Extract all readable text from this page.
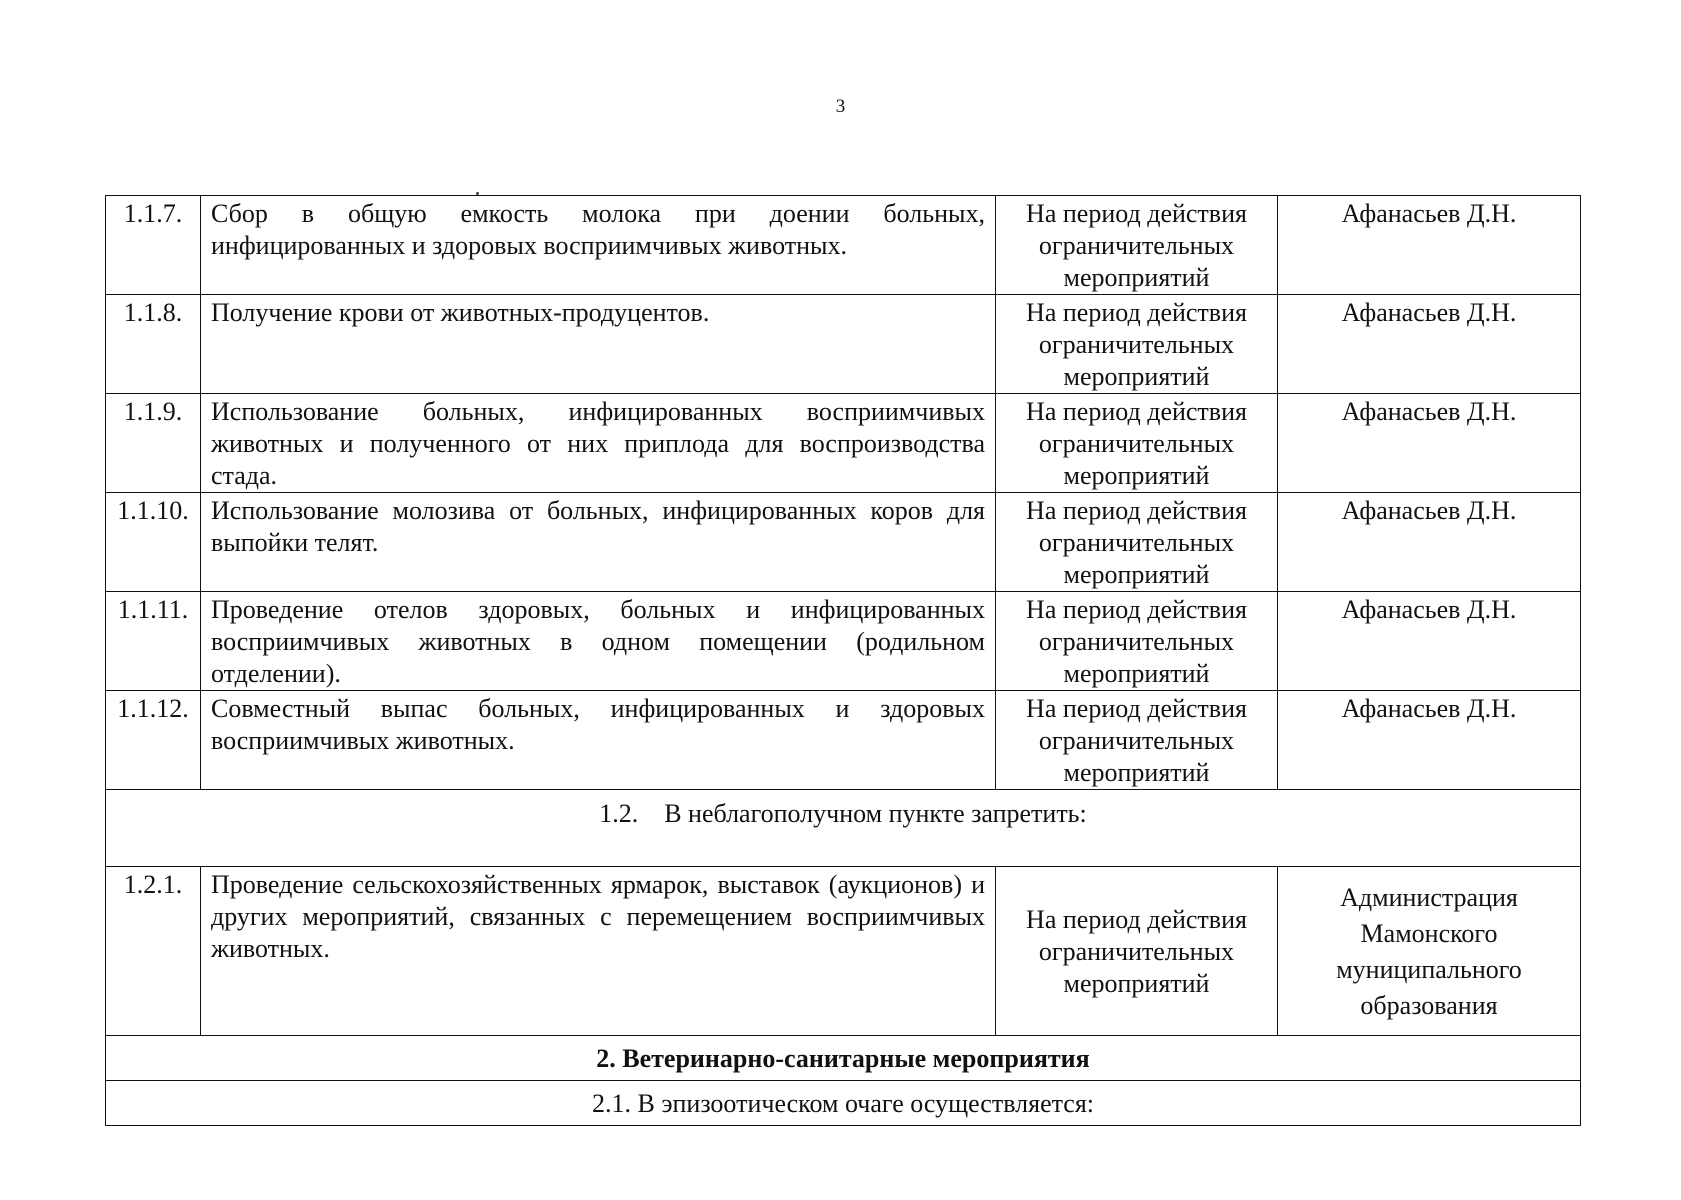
3
1.1.7.	Сбор в общую емкость молока при доении больных, инфицированных и здоровых восприимчивых животных.	На период действия ограничительных мероприятий	Афанасьев Д.Н.
1.1.8.	Получение крови от животных-продуцентов.	На период действия ограничительных мероприятий	Афанасьев Д.Н.
1.1.9.	Использование больных, инфицированных восприимчивых животных и полученного от них приплода для воспроизводства стада.	На период действия ограничительных мероприятий	Афанасьев Д.Н.
1.1.10.	Использование молозива от больных, инфицированных коров для выпойки телят.	На период действия ограничительных мероприятий	Афанасьев Д.Н.
1.1.11.	Проведение отелов здоровых, больных и инфицированных восприимчивых животных в одном помещении (родильном отделении).	На период действия ограничительных мероприятий	Афанасьев Д.Н.
1.1.12.	Совместный выпас больных, инфицированных и здоровых восприимчивых животных.	На период действия ограничительных мероприятий	Афанасьев Д.Н.
1.2. В неблагополучном пункте запретить:			
1.2.1.	Проведение сельскохозяйственных ярмарок, выставок (аукционов) и других мероприятий, связанных с перемещением восприимчивых животных.	На период действия ограничительных мероприятий	Администрация Мамонского муниципального образования
2. Ветеринарно-санитарные мероприятия			
2.1. В эпизоотическом очаге осуществляется:			
